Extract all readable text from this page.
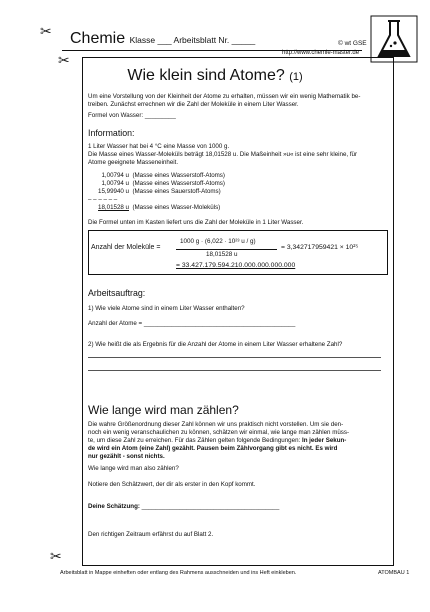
✂ Chemie Klasse ___ Arbeitsblatt Nr. _____	© wt GSE
http://www.chemie-master.de
✂
✂
Wie klein sind Atome? (1)
Um eine Vorstellung von der Kleinheit der Atome zu erhalten, müssen wir ein wenig Mathematik be-
treiben. Zunächst errechnen wir die Zahl der Moleküle in einem Liter Wasser.
Formel von Wasser: _________
Information:
1 Liter Wasser hat bei 4 °C eine Masse von 1000 g.
Die Masse eines Wasser-Moleküls beträgt 18,01528 u. Die Maßeinheit »u« ist eine sehr kleine, für
Atome geeignete Masseneinheit.
1,00794 u (Masse eines Wasserstoff-Atoms)
1,00794 u (Masse eines Wasserstoff-Atoms)
15,99940 u (Masse eines Sauerstoff-Atoms)
– – – – – –
18,01528 u (Masse eines Wasser-Moleküls)
Die Formel unten im Kasten liefert uns die Zahl der Moleküle in 1 Liter Wasser.
Anzahl der Moleküle =
1000 g · (6,022 · 10²³ u / g)
18,01528 u
= 3,342717959421 × 10²⁵
= 33.427.179.594.210.000.000.000.000
Arbeitsauftrag:
1) Wie viele Atome sind in einem Liter Wasser enthalten?
Anzahl der Atome = ____________________________________________
2) Wie heißt die als Ergebnis für die Anzahl der Atome in einem Liter Wasser erhaltene Zahl?
Wie lange wird man zählen?
Die wahre Größenordnung dieser Zahl können wir uns praktisch nicht vorstellen. Um sie den-
noch ein wenig veranschaulichen zu können, schätzen wir einmal, wie lange man zählen müss-
te, um diese Zahl zu erreichen. Für das Zählen gelten folgende Bedingungen: In jeder Sekun-
de wird ein Atom (eine Zahl) gezählt. Pausen beim Zählvorgang gibt es nicht. Es wird
nur gezählt - sonst nichts.
Wie lange wird man also zählen?
Notiere den Schätzwert, der dir als erster in den Kopf kommt.
Deine Schätzung: ________________________________________
Den richtigen Zeitraum erfährst du auf Blatt 2.
Arbeitsblatt in Mappe einheften oder entlang des Rahmens ausschneiden und ins Heft einkleben.	ATOMBAU 1
